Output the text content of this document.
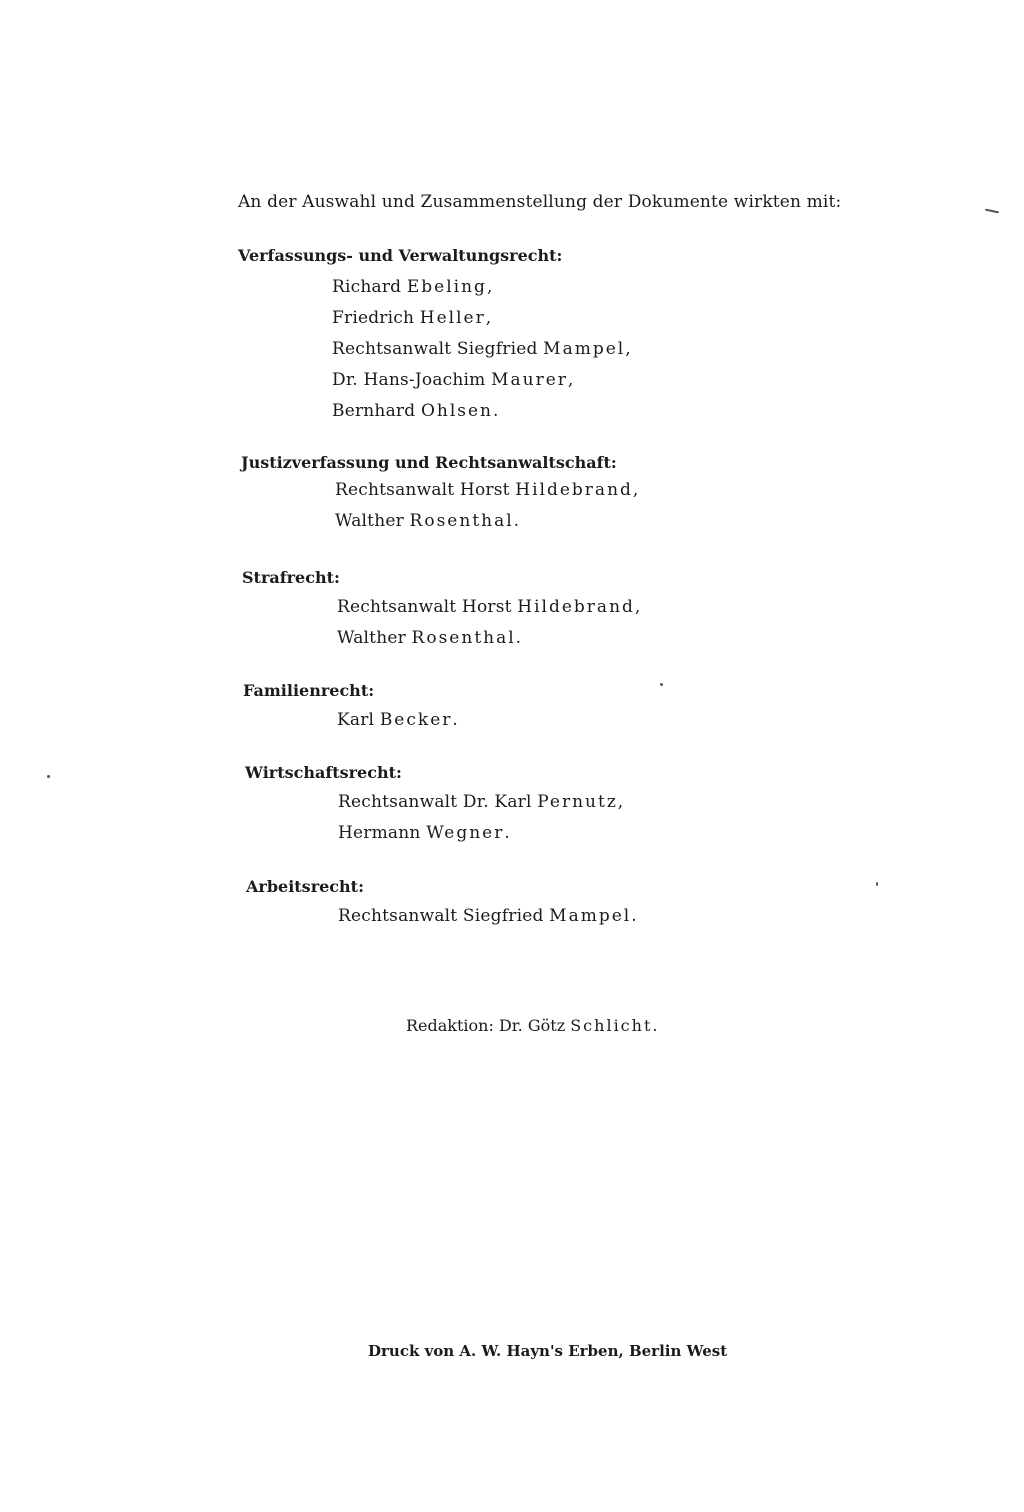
An der Auswahl und Zusammenstellung der Dokumente wirkten mit:
Verfassungs- und Verwaltungsrecht:
Richard Ebeling,
Friedrich Heller,
Rechtsanwalt Siegfried Mampel,
Dr. Hans-Joachim Maurer,
Bernhard Ohlsen.
Justizverfassung und Rechtsanwaltschaft:
Rechtsanwalt Horst Hildebrand,
Walther Rosenthal.
Strafrecht:
Rechtsanwalt Horst Hildebrand,
Walther Rosenthal.
Familienrecht:
Karl Becker.
Wirtschaftsrecht:
Rechtsanwalt Dr. Karl Pernutz,
Hermann Wegner.
Arbeitsrecht:
Rechtsanwalt Siegfried Mampel.
Redaktion: Dr. Götz Schlicht.
Druck von A. W. Hayn's Erben, Berlin West
